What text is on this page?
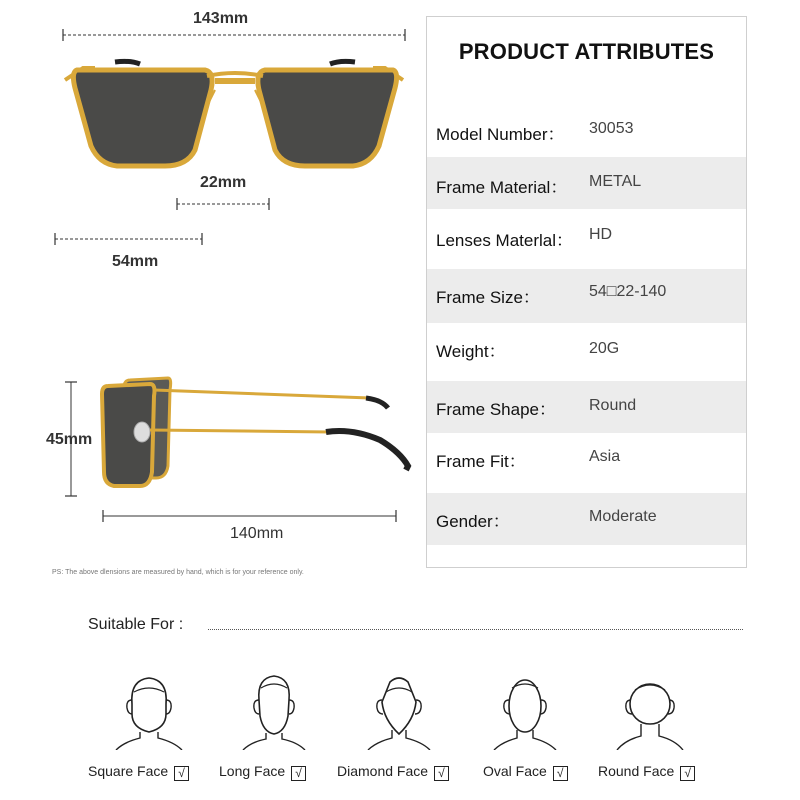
143mm
22mm
54mm
45mm
140mm
PS: The above dlensions are measured by hand, which is for your reference only.
PRODUCT ATTRIBUTES
Model Number： 30053
Frame Material： METAL
Lenses Materlal： HD
Frame Size：	54□22-140
Weight：	20G
Frame Shape： Round
Frame Fit：	Asia
Gender：	Moderate
Suitable For :
Square Face √	Long Face √	Diamond Face √	Oval Face √	Round Face √
